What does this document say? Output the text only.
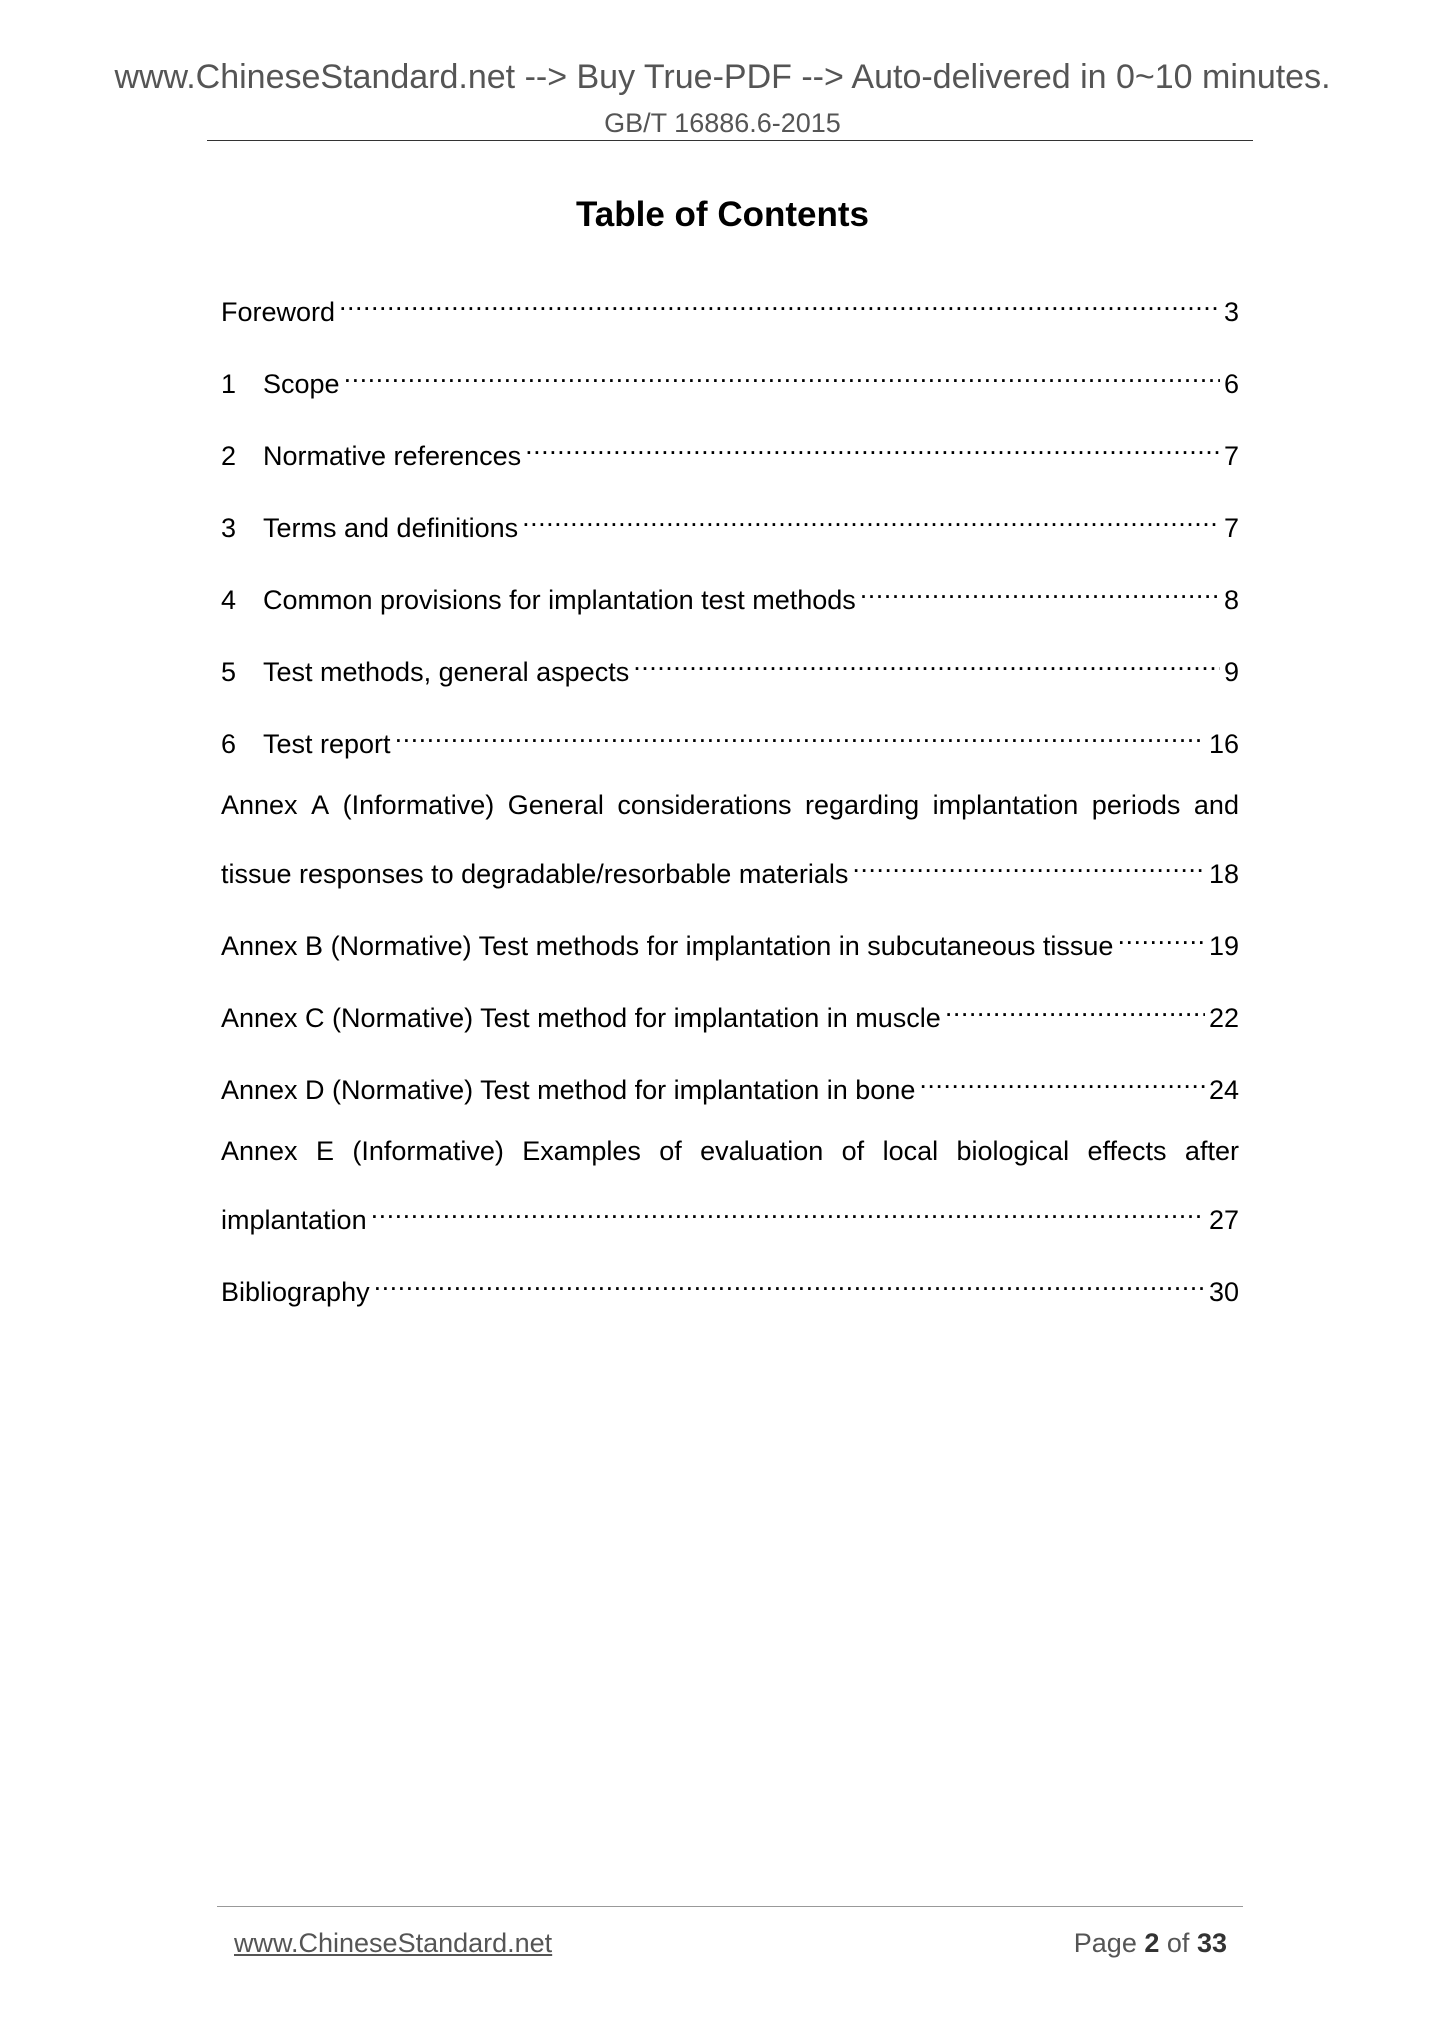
www.ChineseStandard.net --> Buy True-PDF --> Auto-delivered in 0~10 minutes.
GB/T 16886.6-2015
Table of Contents
Foreword .....	3
1 Scope .....	6
2 Normative references .....	7
3 Terms and definitions .....	7
4 Common provisions for implantation test methods .....	8
5 Test methods, general aspects .....	9
6 Test report .....	16
Annex A (Informative) General considerations regarding implantation periods and
tissue responses to degradable/resorbable materials .....	18
Annex B (Normative) Test methods for implantation in subcutaneous tissue .....	19
Annex C (Normative) Test method for implantation in muscle .....	22
Annex D (Normative) Test method for implantation in bone .....	24
Annex E (Informative) Examples of evaluation of local biological effects after
implantation .....	27
Bibliography .....	30
www.ChineseStandard.net	Page 2 of 33
